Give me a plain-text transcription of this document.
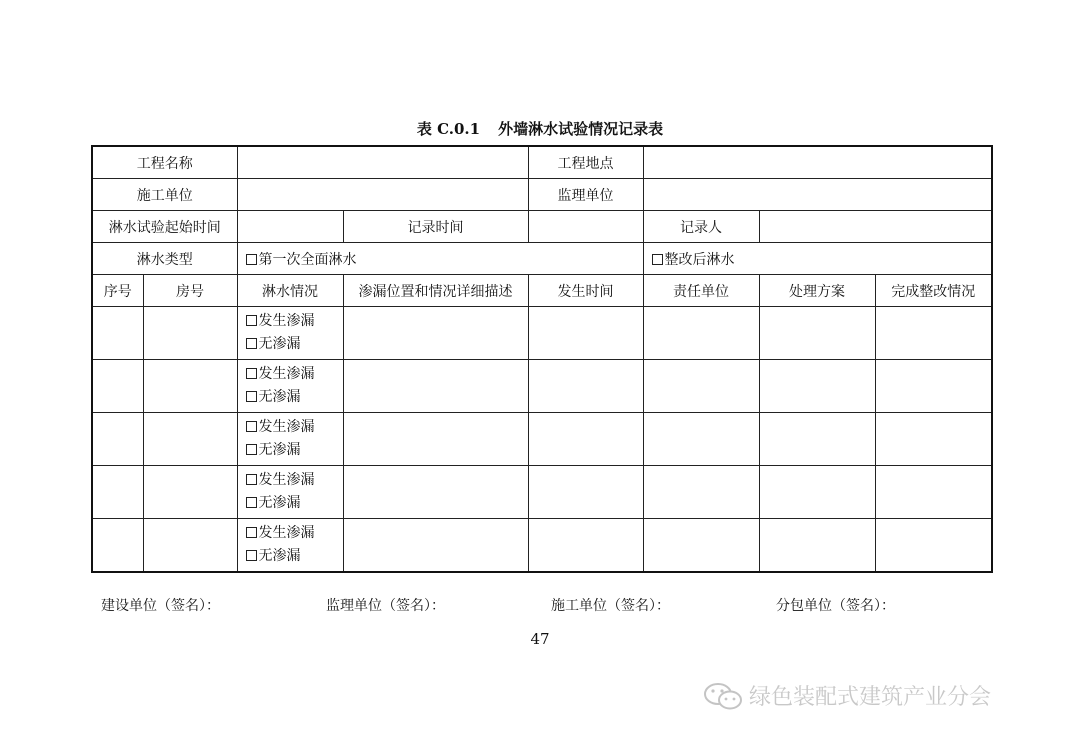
表 C.0.1 外墙淋水试验情况记录表
工程名称				工程地点			
施工单位				监理单位			
淋水试验起始时间			记录时间		记录人		
淋水类型		第一次全面淋水			整改后淋水		
序号	房号	淋水情况	渗漏位置和情况详细描述	发生时间	责任单位	处理方案	完成整改情况

		发生渗漏
无渗漏					

		发生渗漏
无渗漏					

		发生渗漏
无渗漏					

		发生渗漏
无渗漏					

		发生渗漏
无渗漏					

建设单位（签名）：	监理单位（签名）：	施工单位（签名）：	分包单位（签名）：
47
绿色装配式建筑产业分会
